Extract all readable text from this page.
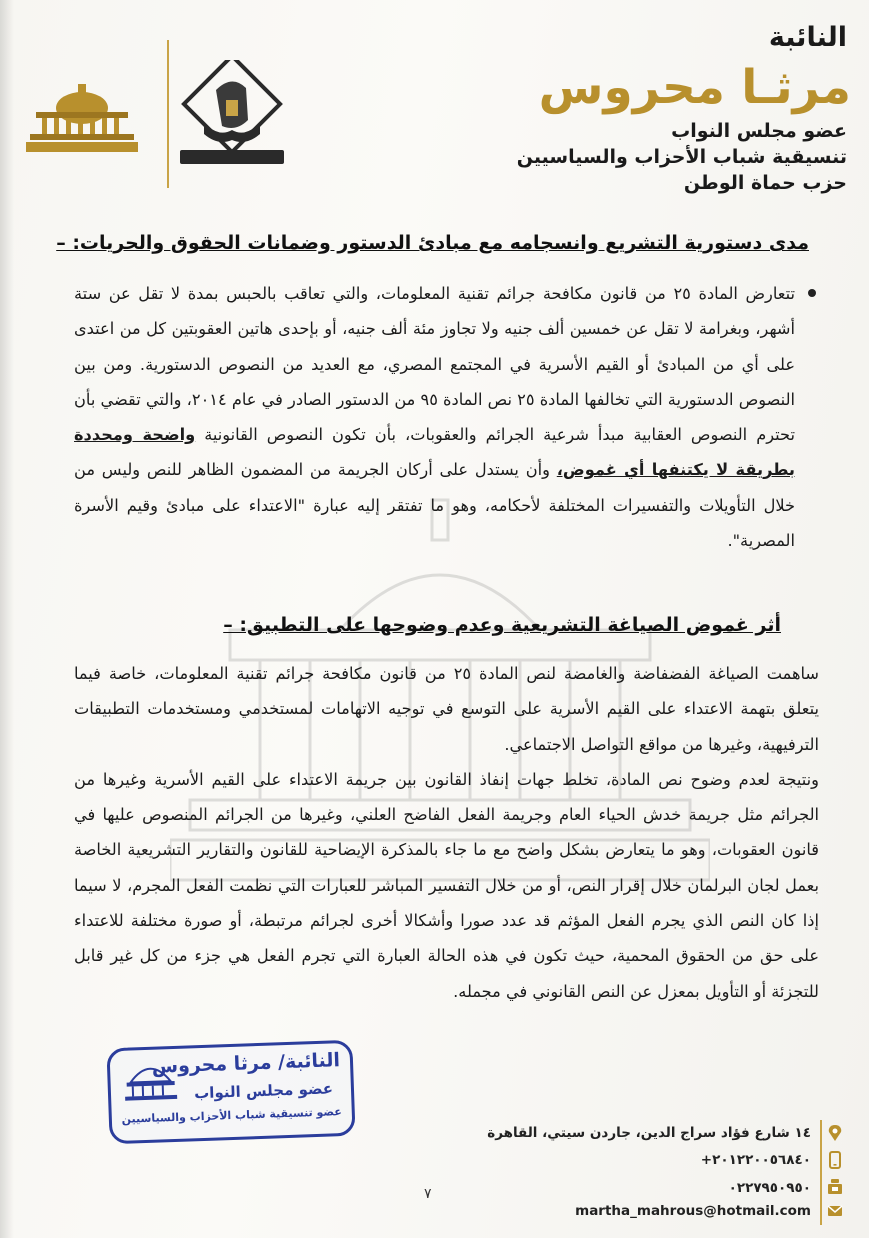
النائبة
مرثـا محروس
عضو مجلس النواب
تنسيقية شباب الأحزاب والسياسيين
حزب حماة الوطن
مدى دستورية التشريع وانسجامه مع مبادئ الدستور وضمانات الحقوق والحريات: –

تتعارض المادة ٢٥ من قانون مكافحة جرائم تقنية المعلومات، والتي تعاقب بالحبس بمدة لا تقل عن ستة أشهر، وبغرامة لا تقل عن خمسين ألف جنيه ولا تجاوز مئة ألف جنيه، أو بإحدى هاتين العقوبتين كل من اعتدى على أي من المبادئ أو القيم الأسرية في المجتمع المصري، مع العديد من النصوص الدستورية. ومن بين النصوص الدستورية التي تخالفها المادة ٢٥ نص المادة ٩٥ من الدستور الصادر في عام ٢٠١٤، والتي تقضي بأن تحترم النصوص العقابية مبدأ شرعية الجرائم والعقوبات، بأن تكون النصوص القانونية واضحة ومحددة بطريقة لا يكتنفها أي غموض، وأن يستدل على أركان الجريمة من المضمون الظاهر للنص وليس من خلال التأويلات والتفسيرات المختلفة لأحكامه، وهو ما تفتقر إليه عبارة "الاعتداء على مبادئ وقيم الأسرة المصرية".

أثر غموض الصياغة التشريعية وعدم وضوحها على التطبيق: –

ساهمت الصياغة الفضفاضة والغامضة لنص المادة ٢٥ من قانون مكافحة جرائم تقنية المعلومات، خاصة فيما يتعلق بتهمة الاعتداء على القيم الأسرية على التوسع في توجيه الاتهامات لمستخدمي ومستخدمات التطبيقات الترفيهية، وغيرها من مواقع التواصل الاجتماعي.

ونتيجة لعدم وضوح نص المادة، تخلط جهات إنفاذ القانون بين جريمة الاعتداء على القيم الأسرية وغيرها من الجرائم مثل جريمة خدش الحياء العام وجريمة الفعل الفاضح العلني، وغيرها من الجرائم المنصوص عليها في قانون العقوبات، وهو ما يتعارض بشكل واضح مع ما جاء بالمذكرة الإيضاحية للقانون والتقارير التشريعية الخاصة بعمل لجان البرلمان خلال إقرار النص، أو من خلال التفسير المباشر للعبارات التي نظمت الفعل المجرم، لا سيما إذا كان النص الذي يجرم الفعل المؤثم قد عدد صورا وأشكالا أخرى لجرائم مرتبطة، أو صورة مختلفة للاعتداء على حق من الحقوق المحمية، حيث تكون في هذه الحالة العبارة التي تجرم الفعل هي جزء من كل غير قابل للتجزئة أو التأويل بمعزل عن النص القانوني في مجمله.

النائبة/ مرثا محروس
عضو مجلس النواب
عضو تنسيقية شباب الأحزاب والسياسيين
١٤ شارع فؤاد سراج الدين، جاردن سيتي، القاهرة
+٢٠١٢٢٠٠٥٦٨٤٠
٠٢٢٧٩٥٠٩٥٠
martha_mahrous@hotmail.com
٧
